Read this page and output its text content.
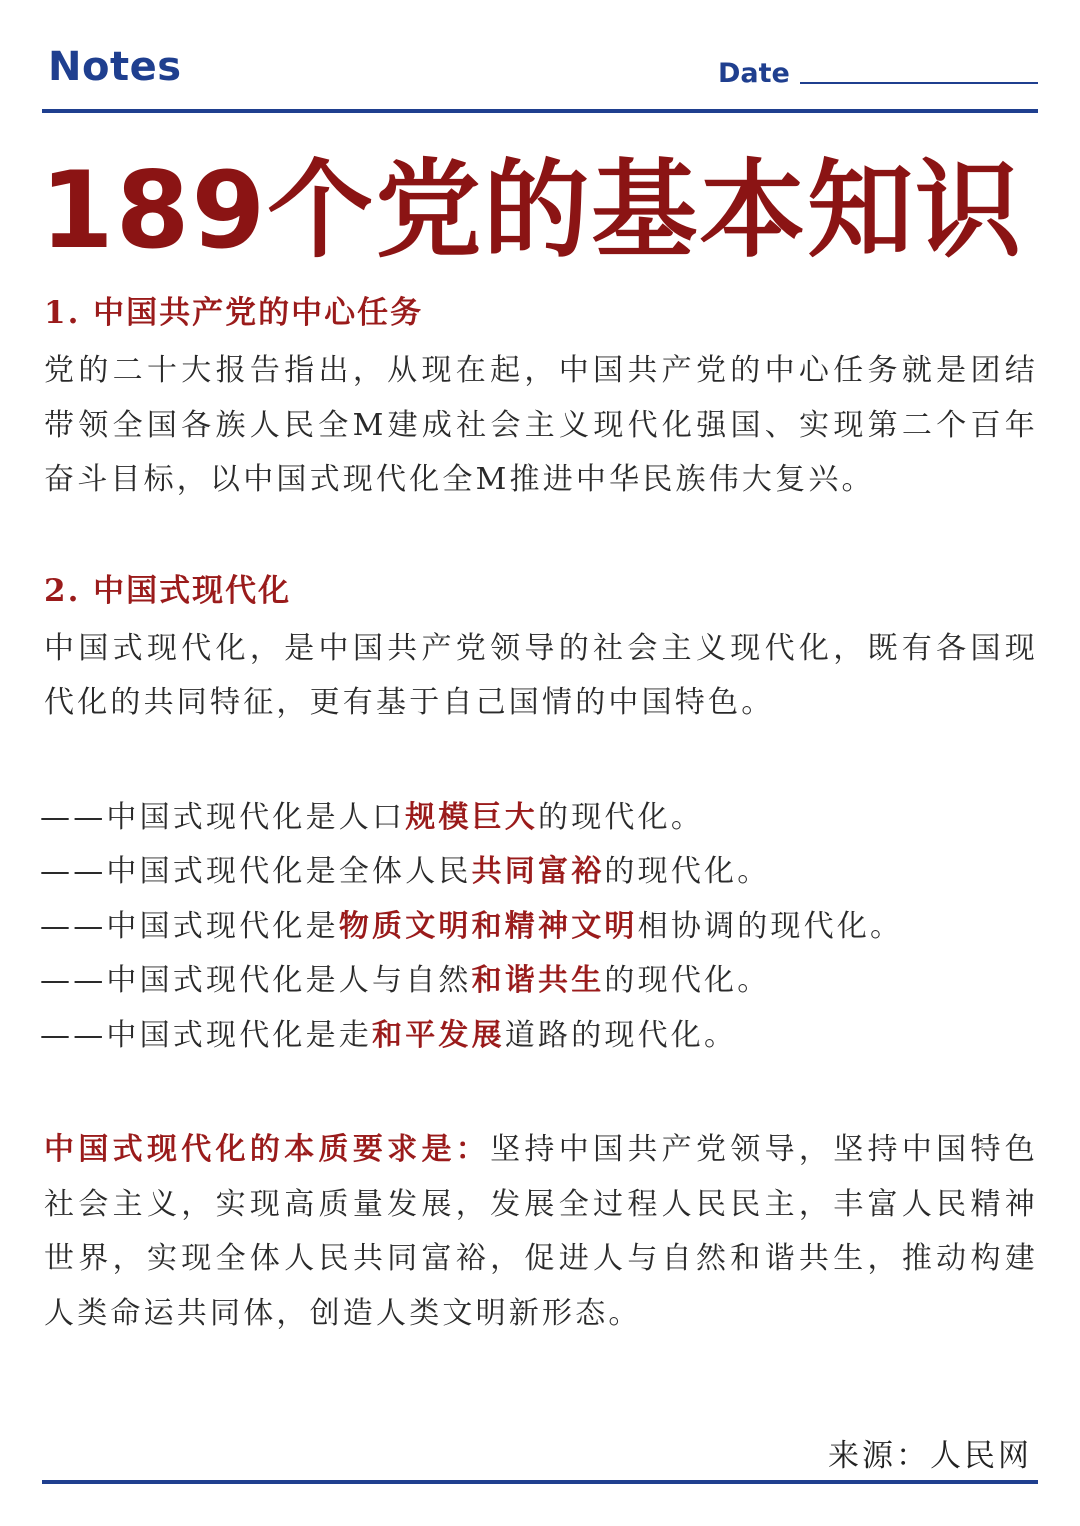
Notes	Date
189个党的基本知识
1. 中国共产党的中心任务

党的二十大报告指出，从现在起，中国共产党的中心任务就是团结带领全国各族人民全M建成社会主义现代化强国、实现第二个百年奋斗目标，以中国式现代化全M推进中华民族伟大复兴。

2. 中国式现代化

中国式现代化，是中国共产党领导的社会主义现代化，既有各国现代化的共同特征，更有基于自己国情的中国特色。

——中国式现代化是人口规模巨大的现代化。
——中国式现代化是全体人民共同富裕的现代化。
——中国式现代化是物质文明和精神文明相协调的现代化。
——中国式现代化是人与自然和谐共生的现代化。
——中国式现代化是走和平发展道路的现代化。

中国式现代化的本质要求是：坚持中国共产党领导，坚持中国特色社会主义，实现高质量发展，发展全过程人民民主，丰富人民精神世界，实现全体人民共同富裕，促进人与自然和谐共生，推动构建人类命运共同体，创造人类文明新形态。

来源：人民网
